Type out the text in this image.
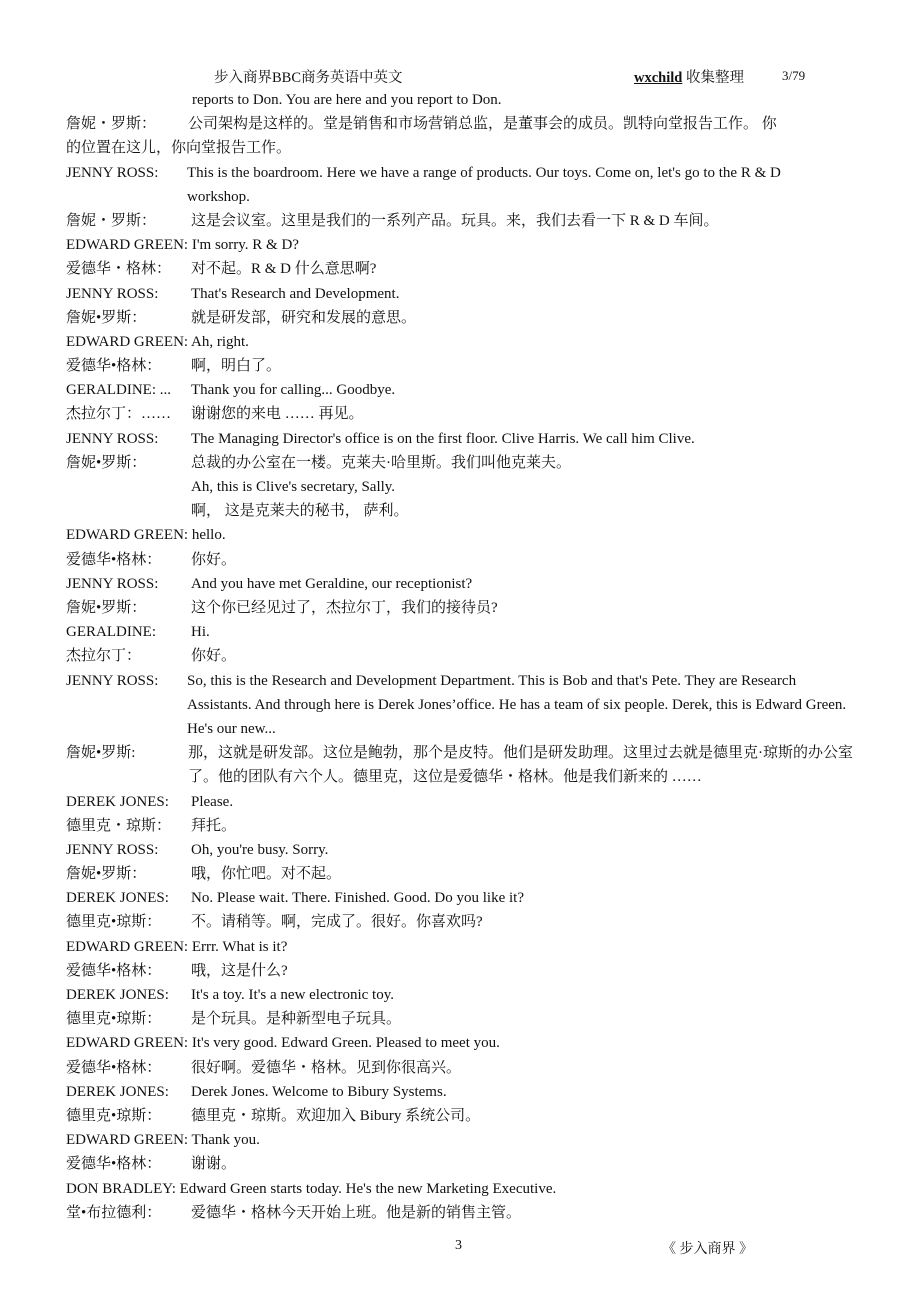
步入商界BBC商务英语中英文	wxchild 收集整理	3/79
reports to Don. You are here and you report to Don.
詹妮・罗斯： 公司架构是这样的。堂是销售和市场营销总监，是董事会的成员。凯特向堂报告工作。 你
的位置在这儿，你向堂报告工作。
JENNY ROSS: This is the boardroom. Here we have a range of products. Our toys. Come on, let's go to the R & D
workshop.
詹妮・罗斯： 这是会议室。这里是我们的一系列产品。玩具。来，我们去看一下 R & D 车间。
EDWARD GREEN: I'm sorry. R & D?
爱德华・格林： 对不起。R & D 什么意思啊?
JENNY ROSS: That's Research and Development.
詹妮•罗斯：	就是研发部，研究和发展的意思。
EDWARD GREEN: Ah, right.
爱德华•格林： 啊，明白了。
GERALDINE: ... Thank you for calling... Goodbye.
杰拉尔丁：…… 谢谢您的来电 …… 再见。
JENNY ROSS: The Managing Director's office is on the first floor. Clive Harris. We call him Clive.
詹妮•罗斯：	总裁的办公室在一楼。克莱夫·哈里斯。我们叫他克莱夫。
Ah, this is Clive's secretary, Sally.
啊， 这是克莱夫的秘书， 萨利。
EDWARD GREEN: hello.
爱德华•格林： 你好。
JENNY ROSS: And you have met Geraldine, our receptionist?
詹妮•罗斯：	这个你已经见过了，杰拉尔丁，我们的接待员?
GERALDINE: Hi.
杰拉尔丁：	你好。
JENNY ROSS: So, this is the Research and Development Department. This is Bob and that's Pete. They are Research Assistants. And through here is Derek Jones’office. He has a team of six people. Derek, this is Edward Green. He's our new...
詹妮•罗斯:	那，这就是研发部。这位是鲍勃，那个是皮特。他们是研发助理。这里过去就是德里克·琼斯的办公室了。他的团队有六个人。德里克，这位是爱德华・格林。他是我们新来的 ……
DEREK JONES: Please.
德里克・琼斯： 拜托。
JENNY ROSS: Oh, you're busy. Sorry.
詹妮•罗斯：	哦，你忙吧。对不起。
DEREK JONES: No. Please wait. There. Finished. Good. Do you like it?
德里克•琼斯： 不。请稍等。啊，完成了。很好。你喜欢吗?
EDWARD GREEN: Errr. What is it?
爱德华•格林： 哦，这是什么?
DEREK JONES: It's a toy. It's a new electronic toy.
德里克•琼斯： 是个玩具。是种新型电子玩具。
EDWARD GREEN: It's very good. Edward Green. Pleased to meet you.
爱德华•格林： 很好啊。爱德华・格林。见到你很高兴。
DEREK JONES: Derek Jones. Welcome to Bibury Systems.
德里克•琼斯： 德里克・琼斯。欢迎加入 Bibury 系统公司。
EDWARD GREEN: Thank you.
爱德华•格林： 谢谢。
DON BRADLEY: Edward Green starts today. He's the new Marketing Executive.
堂•布拉德利： 爱德华・格林今天开始上班。他是新的销售主管。
3	《 步入商界 》
